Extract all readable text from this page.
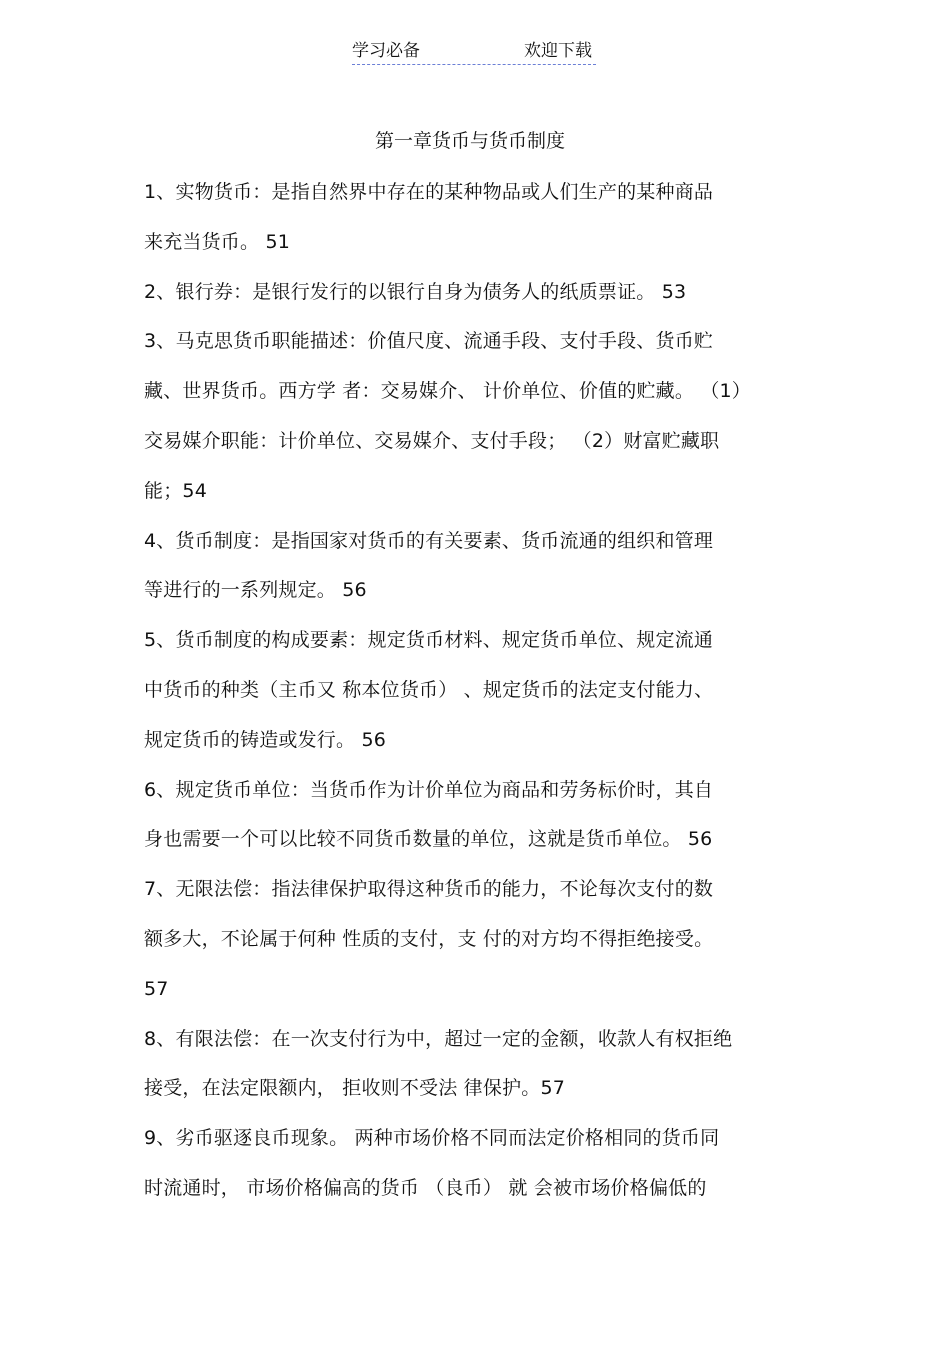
学习必备	欢迎下载
第一章货币与货币制度
1、实物货币：是指自然界中存在的某种物品或人们生产的某种商品
来充当货币。 51
2、银行券：是银行发行的以银行自身为债务人的纸质票证。 53
3、马克思货币职能描述：价值尺度、流通手段、支付手段、货币贮
藏、世界货币。西方学 者：交易媒介、 计价单位、价值的贮藏。 （1）
交易媒介职能：计价单位、交易媒介、支付手段； （2）财富贮藏职
能；54
4、货币制度：是指国家对货币的有关要素、货币流通的组织和管理
等进行的一系列规定。 56
5、货币制度的构成要素：规定货币材料、规定货币单位、规定流通
中货币的种类（主币又 称本位货币） 、规定货币的法定支付能力、
规定货币的铸造或发行。 56
6、规定货币单位：当货币作为计价单位为商品和劳务标价时，其自
身也需要一个可以比较不同货币数量的单位，这就是货币单位。 56
7、无限法偿：指法律保护取得这种货币的能力，不论每次支付的数
额多大，不论属于何种 性质的支付，支 付的对方均不得拒绝接受。
57
8、有限法偿：在一次支付行为中，超过一定的金额，收款人有权拒绝
接受，在法定限额内， 拒收则不受法 律保护。57
9、劣币驱逐良币现象。 两种市场价格不同而法定价格相同的货币同
时流通时， 市场价格偏高的货币 （良币） 就 会被市场价格偏低的
